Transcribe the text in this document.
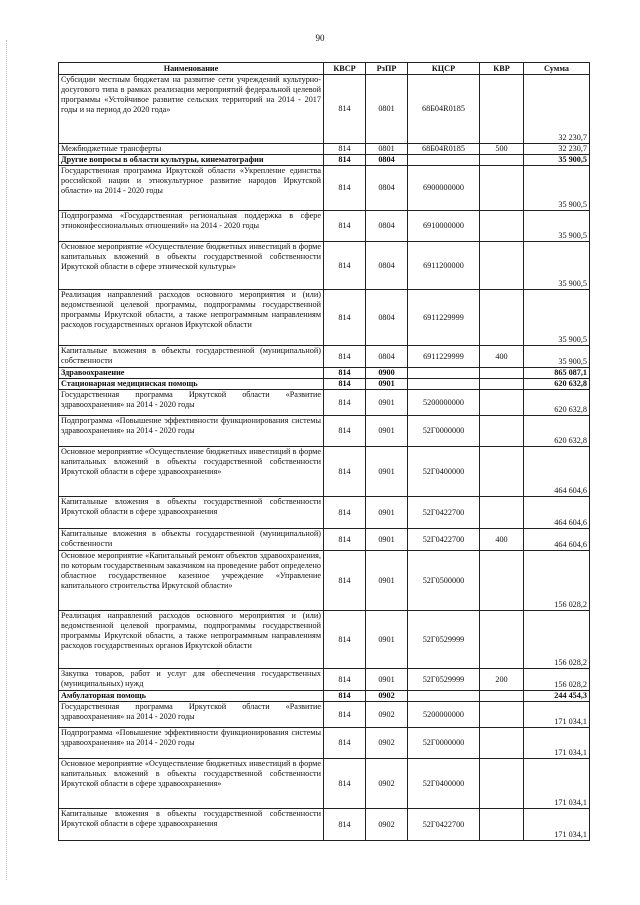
90
Наименование	КВСР	РзПР	КЦСР	КВР	Сумма
Субсидии местным бюджетам на развитие сети учреждений культурно-досугового типа в рамках реализации мероприятий федеральной целевой программы «Устойчивое развитие сельских территорий на 2014 - 2017 годы и на период до 2020 года»	814	0801	68Б04R0185		32 230,7
Межбюджетные трансферты	814	0801	68Б04R0185	500	32 230,7
Другие вопросы в области культуры, кинематографии	814	0804			35 900,5
Государственная программа Иркутской области «Укрепление единства российской нации и этнокультурное развитие народов Иркутской области» на 2014 - 2020 годы	814	0804	6900000000		35 900,5
Подпрограмма «Государственная региональная поддержка в сфере этноконфессиональных отношений» на 2014 - 2020 годы	814	0804	6910000000		35 900,5
Основное мероприятие «Осуществление бюджетных инвестиций в форме капитальных вложений в объекты государственной собственности Иркутской области в сфере этнической культуры»	814	0804	6911200000		35 900,5
Реализация направлений расходов основного мероприятия и (или) ведомственной целевой программы, подпрограммы государственной программы Иркутской области, а также непрограммным направлениям расходов государственных органов Иркутской области	814	0804	6911229999		35 900,5
Капитальные вложения в объекты государственной (муниципальной) собственности	814	0804	6911229999	400	35 900,5
Здравоохранение	814	0900			865 087,1
Стационарная медицинская помощь	814	0901			620 632,8
Государственная программа Иркутской области «Развитие здравоохранения» на 2014 - 2020 годы	814	0901	5200000000		620 632,8
Подпрограмма «Повышение эффективности функционирования системы здравоохранения» на 2014 - 2020 годы	814	0901	52Г0000000		620 632,8
Основное мероприятие «Осуществление бюджетных инвестиций в форме капитальных вложений в объекты государственной собственности Иркутской области в сфере здравоохранения»	814	0901	52Г0400000		464 604,6
Капитальные вложения в объекты государственной собственности Иркутской области в сфере здравоохранения	814	0901	52Г0422700		464 604,6
Капитальные вложения в объекты государственной (муниципальной) собственности	814	0901	52Г0422700	400	464 604,6
Основное мероприятие «Капитальный ремонт объектов здравоохранения, по которым государственным заказчиком на проведение работ определено областное государственное казенное учреждение «Управление капитального строительства Иркутской области»	814	0901	52Г0500000		156 028,2
Реализация направлений расходов основного мероприятия и (или) ведомственной целевой программы, подпрограммы государственной программы Иркутской области, а также непрограммным направлениям расходов государственных органов Иркутской области	814	0901	52Г0529999		156 028,2
Закупка товаров, работ и услуг для обеспечения государственных (муниципальных) нужд	814	0901	52Г0529999	200	156 028,2
Амбулаторная помощь	814	0902			244 454,3
Государственная программа Иркутской области «Развитие здравоохранения» на 2014 - 2020 годы	814	0902	5200000000		171 034,1
Подпрограмма «Повышение эффективности функционирования системы здравоохранения» на 2014 - 2020 годы	814	0902	52Г0000000		171 034,1
Основное мероприятие «Осуществление бюджетных инвестиций в форме капитальных вложений в объекты государственной собственности Иркутской области в сфере здравоохранения»	814	0902	52Г0400000		171 034,1
Капитальные вложения в объекты государственной собственности Иркутской области в сфере здравоохранения	814	0902	52Г0422700		171 034,1
